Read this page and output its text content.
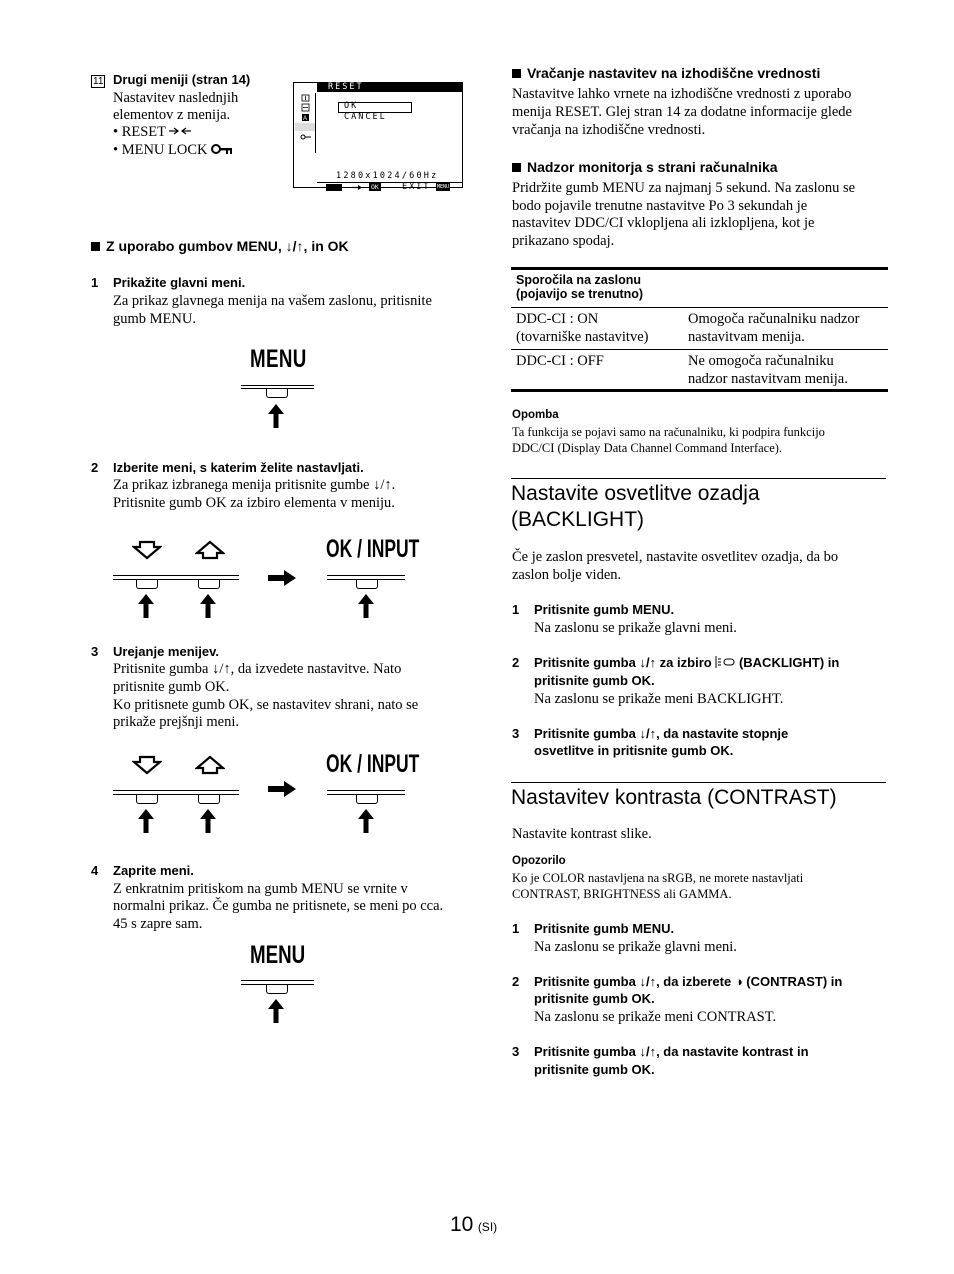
11 Drugi meniji (stran 14)
Nastavitev naslednjih
elementov z menija.
• RESET
• MENU LOCK
RESET
A
OK
CANCEL
1280x1024/60Hz
OK	EXIT MENU
Z uporabo gumbov MENU, ↓/↑, in OK
1 Prikažite glavni meni.
Za prikaz glavnega menija na vašem zaslonu, pritisnite
gumb MENU.
MENU
2 Izberite meni, s katerim želite nastavljati.
Za prikaz izbranega menija pritisnite gumbe ↓/↑.
Pritisnite gumb OK za izbiro elementa v meniju.
OK / INPUT
3 Urejanje menijev.
Pritisnite gumba ↓/↑, da izvedete nastavitve. Nato
pritisnite gumb OK.
Ko pritisnete gumb OK, se nastavitev shrani, nato se
prikaže prejšnji meni.
OK / INPUT
4 Zaprite meni.
Z enkratnim pritiskom na gumb MENU se vrnite v
normalni prikaz. Če gumba ne pritisnete, se meni po cca.
45 s zapre sam.
MENU
Vračanje nastavitev na izhodiščne vrednosti
Nastavitve lahko vrnete na izhodiščne vrednosti z uporabo
menija RESET. Glej stran 14 za dodatne informacije glede
vračanja na izhodiščne vrednosti.
Nadzor monitorja s strani računalnika
Pridržite gumb MENU za najmanj 5 sekund. Na zaslonu se
bodo pojavile trenutne nastavitve Po 3 sekundah je
nastavitev DDC/CI vklopljena ali izklopljena, kot je
prikazano spodaj.
Sporočila na zaslonu
(pojavijo se trenutno)
DDC-CI : ON
(tovarniške nastavitve)
Omogoča računalniku nadzor
nastavitvam menija.
DDC-CI : OFF	Ne omogoča računalniku
nadzor nastavitvam menija.
Opomba
Ta funkcija se pojavi samo na računalniku, ki podpira funkcijo
DDC/CI (Display Data Channel Command Interface).
Nastavite osvetlitve ozadja
(BACKLIGHT)
Če je zaslon presvetel, nastavite osvetlitev ozadja, da bo
zaslon bolje viden.
1 Pritisnite gumb MENU.
Na zaslonu se prikaže glavni meni.
2 Pritisnite gumba ↓/↑ za izbiro (BACKLIGHT) in
pritisnite gumb OK.
Na zaslonu se prikaže meni BACKLIGHT.
3 Pritisnite gumba ↓/↑, da nastavite stopnje
osvetlitve in pritisnite gumb OK.
Nastavitev kontrasta (CONTRAST)
Nastavite kontrast slike.
Opozorilo
Ko je COLOR nastavljena na sRGB, ne morete nastavljati
CONTRAST, BRIGHTNESS ali GAMMA.
1 Pritisnite gumb MENU.
Na zaslonu se prikaže glavni meni.
2 Pritisnite gumba ↓/↑, da izberete ◑ (CONTRAST) in
pritisnite gumb OK.
Na zaslonu se prikaže meni CONTRAST.
3 Pritisnite gumba ↓/↑, da nastavite kontrast in
pritisnite gumb OK.
10 (SI)
